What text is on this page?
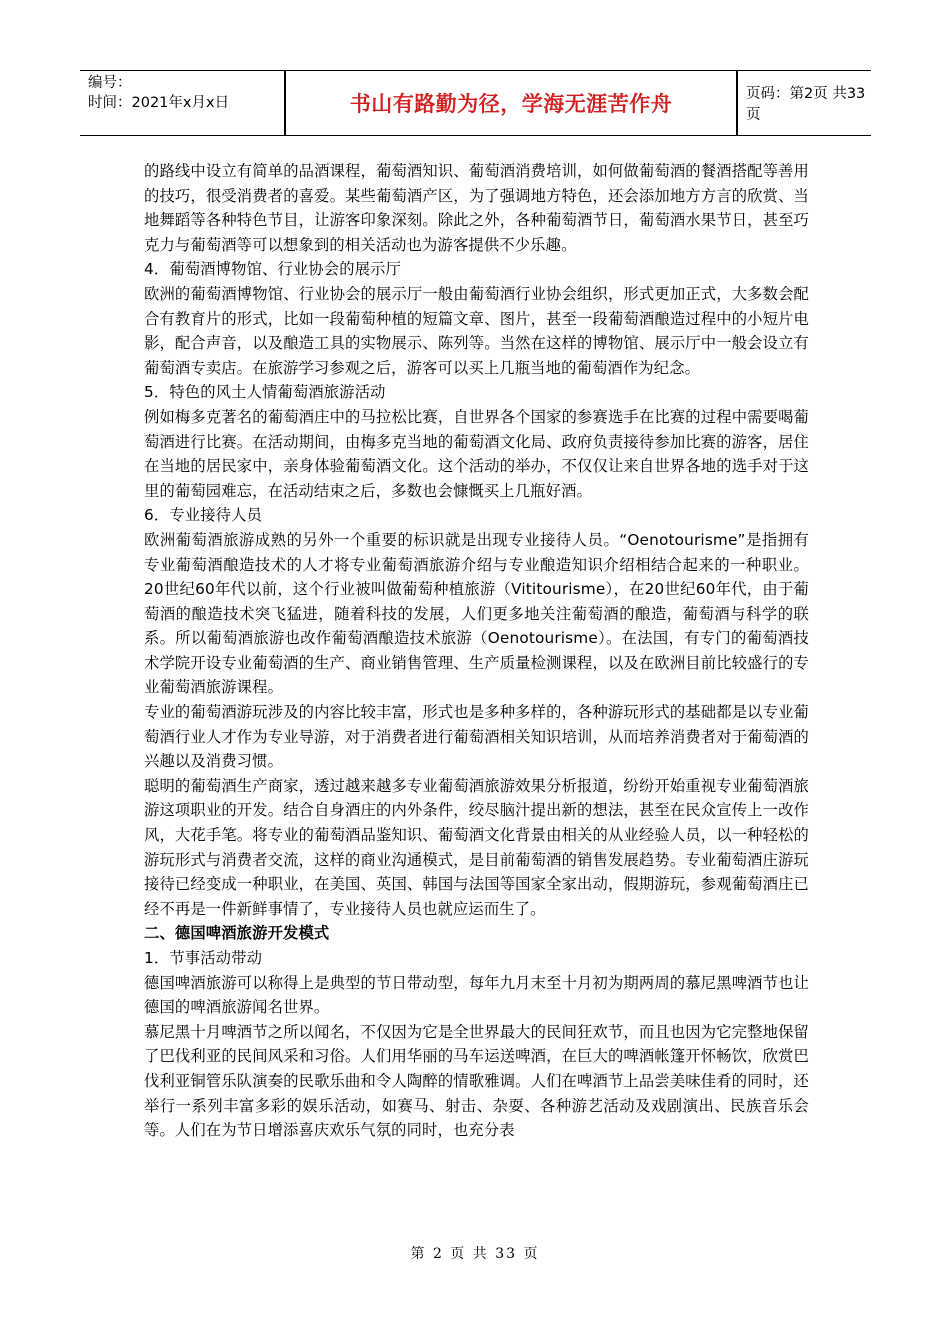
编号：
时间：2021年x月x日	书山有路勤为径，学海无涯苦作舟	页码：第2页 共33页

的路线中设立有简单的品酒课程，葡萄酒知识、葡萄酒消费培训，如何做葡萄酒的餐酒搭配等善用的技巧，很受消费者的喜爱。某些葡萄酒产区，为了强调地方特色，还会添加地方方言的欣赏、当地舞蹈等各种特色节目，让游客印象深刻。除此之外，各种葡萄酒节日，葡萄酒水果节日，甚至巧克力与葡萄酒等可以想象到的相关活动也为游客提供不少乐趣。

4．葡萄酒博物馆、行业协会的展示厅

欧洲的葡萄酒博物馆、行业协会的展示厅一般由葡萄酒行业协会组织，形式更加正式，大多数会配合有教育片的形式，比如一段葡萄种植的短篇文章、图片，甚至一段葡萄酒酿造过程中的小短片电影，配合声音，以及酿造工具的实物展示、陈列等。当然在这样的博物馆、展示厅中一般会设立有葡萄酒专卖店。在旅游学习参观之后，游客可以买上几瓶当地的葡萄酒作为纪念。

5．特色的风土人情葡萄酒旅游活动

例如梅多克著名的葡萄酒庄中的马拉松比赛，自世界各个国家的参赛选手在比赛的过程中需要喝葡萄酒进行比赛。在活动期间，由梅多克当地的葡萄酒文化局、政府负责接待参加比赛的游客，居住在当地的居民家中，亲身体验葡萄酒文化。这个活动的举办，不仅仅让来自世界各地的选手对于这里的葡萄园难忘，在活动结束之后，多数也会慷慨买上几瓶好酒。

6．专业接待人员

欧洲葡萄酒旅游成熟的另外一个重要的标识就是出现专业接待人员。“Oenotourisme”是指拥有专业葡萄酒酿造技术的人才将专业葡萄酒旅游介绍与专业酿造知识介绍相结合起来的一种职业。20世纪60年代以前，这个行业被叫做葡萄种植旅游（Vititourisme），在20世纪60年代，由于葡萄酒的酿造技术突飞猛进，随着科技的发展，人们更多地关注葡萄酒的酿造，葡萄酒与科学的联系。所以葡萄酒旅游也改作葡萄酒酿造技术旅游（Oenotourisme）。在法国，有专门的葡萄酒技术学院开设专业葡萄酒的生产、商业销售管理、生产质量检测课程，以及在欧洲目前比较盛行的专业葡萄酒旅游课程。

专业的葡萄酒游玩涉及的内容比较丰富，形式也是多种多样的，各种游玩形式的基础都是以专业葡萄酒行业人才作为专业导游，对于消费者进行葡萄酒相关知识培训，从而培养消费者对于葡萄酒的兴趣以及消费习惯。

聪明的葡萄酒生产商家，透过越来越多专业葡萄酒旅游效果分析报道，纷纷开始重视专业葡萄酒旅游这项职业的开发。结合自身酒庄的内外条件，绞尽脑汁提出新的想法，甚至在民众宣传上一改作风，大花手笔。将专业的葡萄酒品鉴知识、葡萄酒文化背景由相关的从业经验人员，以一种轻松的游玩形式与消费者交流，这样的商业沟通模式，是目前葡萄酒的销售发展趋势。专业葡萄酒庄游玩接待已经变成一种职业，在美国、英国、韩国与法国等国家全家出动，假期游玩，参观葡萄酒庄已经不再是一件新鲜事情了，专业接待人员也就应运而生了。

二、德国啤酒旅游开发模式

1．节事活动带动

德国啤酒旅游可以称得上是典型的节日带动型，每年九月末至十月初为期两周的慕尼黑啤酒节也让德国的啤酒旅游闻名世界。

慕尼黑十月啤酒节之所以闻名，不仅因为它是全世界最大的民间狂欢节，而且也因为它完整地保留了巴伐利亚的民间风采和习俗。人们用华丽的马车运送啤酒，在巨大的啤酒帐篷开怀畅饮，欣赏巴伐利亚铜管乐队演奏的民歌乐曲和令人陶醉的情歌雅调。人们在啤酒节上品尝美味佳肴的同时，还举行一系列丰富多彩的娱乐活动，如赛马、射击、杂耍、各种游艺活动及戏剧演出、民族音乐会等。人们在为节日增添喜庆欢乐气氛的同时，也充分表

第 2 页 共 33 页
